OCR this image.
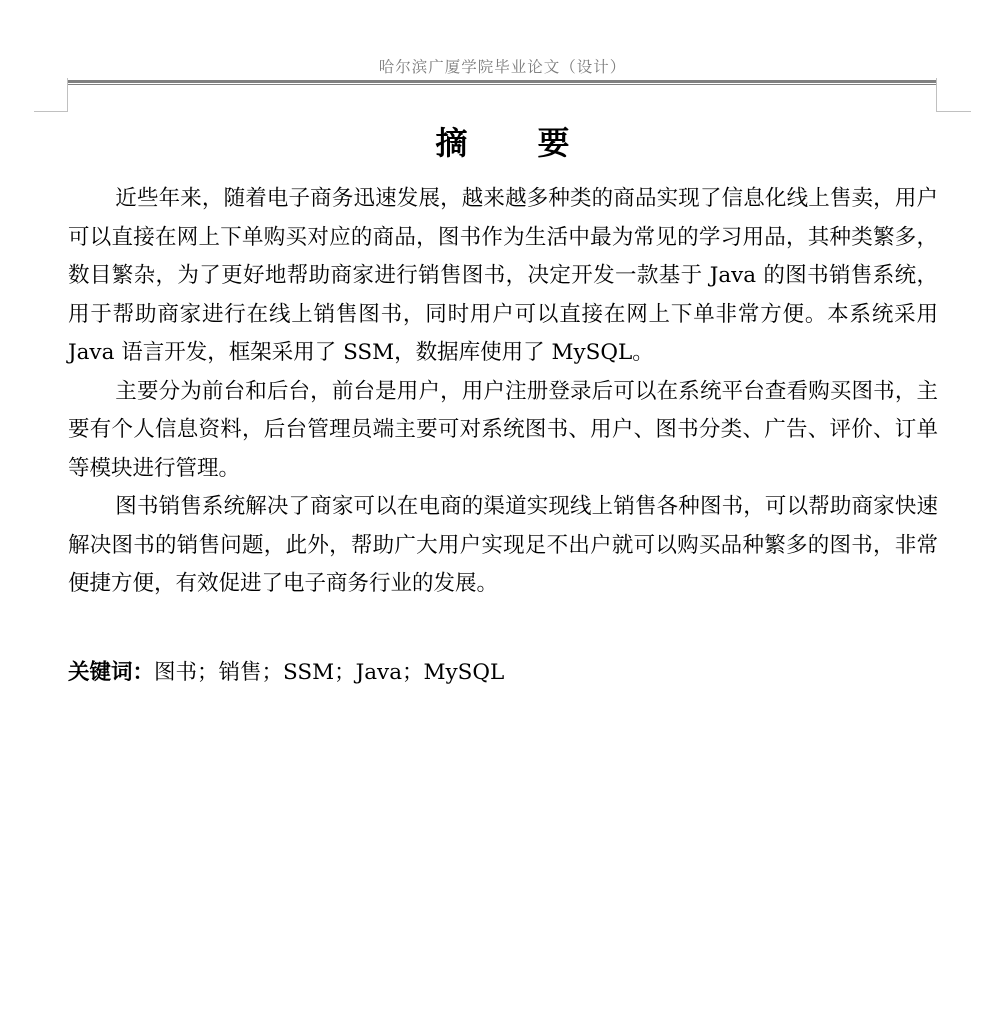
哈尔滨广厦学院毕业论文（设计）
摘 要

近些年来，随着电子商务迅速发展，越来越多种类的商品实现了信息化线上售卖，用户可以直接在网上下单购买对应的商品，图书作为生活中最为常见的学习用品，其种类繁多，数目繁杂，为了更好地帮助商家进行销售图书，决定开发一款基于 Java 的图书销售系统，用于帮助商家进行在线上销售图书，同时用户可以直接在网上下单非常方便。本系统采用 Java 语言开发，框架采用了 SSM，数据库使用了 MySQL。

主要分为前台和后台，前台是用户，用户注册登录后可以在系统平台查看购买图书，主要有个人信息资料，后台管理员端主要可对系统图书、用户、图书分类、广告、评价、订单等模块进行管理。

图书销售系统解决了商家可以在电商的渠道实现线上销售各种图书，可以帮助商家快速解决图书的销售问题，此外，帮助广大用户实现足不出户就可以购买品种繁多的图书，非常便捷方便，有效促进了电子商务行业的发展。

关键词：图书；销售；SSM；Java；MySQL
